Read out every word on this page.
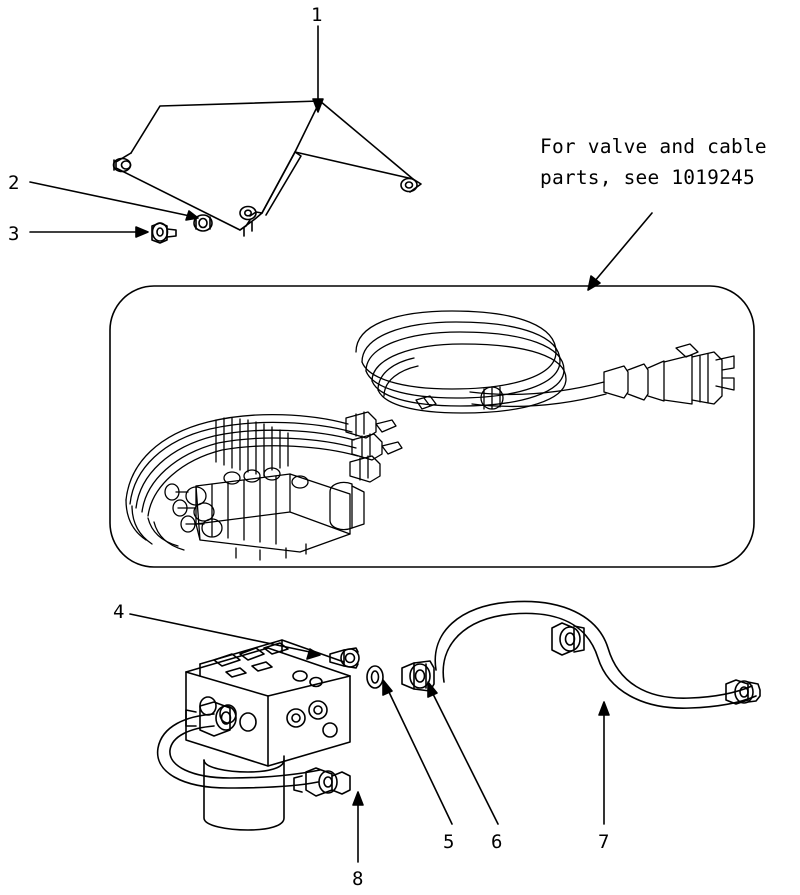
For valve and cable
parts, see 1019245
1
2
3
4
5 6	7
8
